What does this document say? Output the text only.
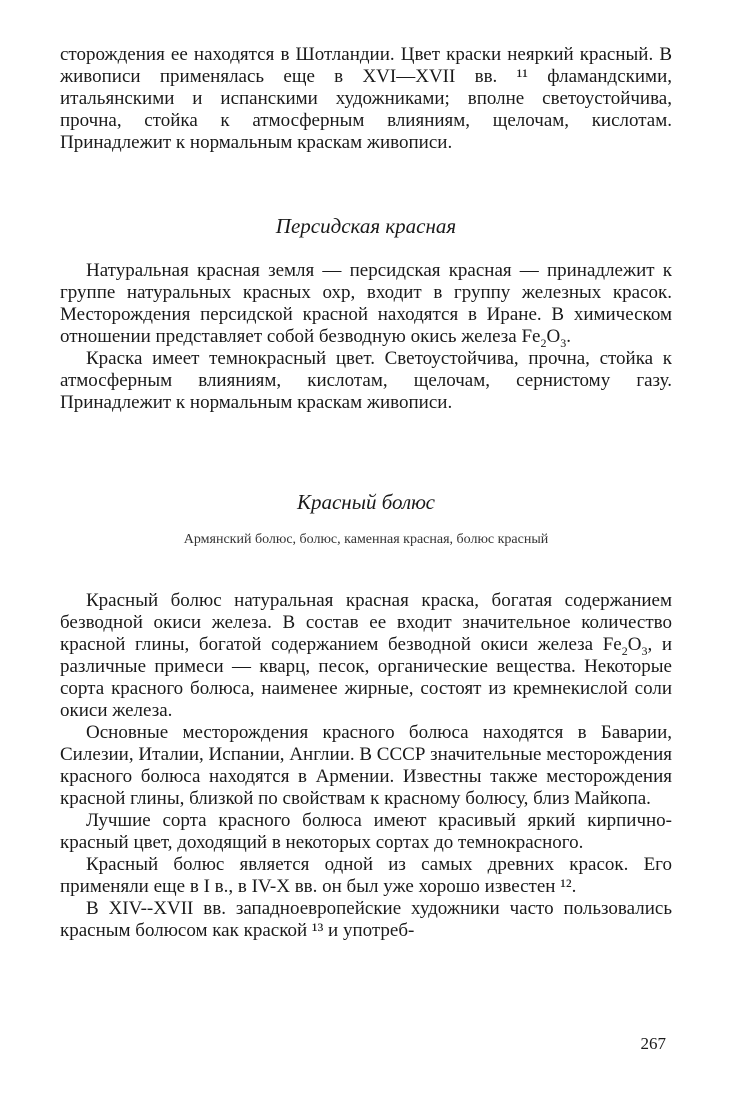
сторождения ее находятся в Шотландии. Цвет краски неяркий красный. В живописи применялась еще в XVI—XVII вв. ¹¹ фламандскими, итальянскими и испанскими художниками; вполне светоустойчива, прочна, стойка к атмосферным влияниям, щелочам, кислотам. Принадлежит к нормальным краскам живописи.

Персидская красная

Натуральная красная земля — персидская красная — принадлежит к группе натуральных красных охр, входит в группу железных красок. Месторождения персидской красной находятся в Иране. В химическом отношении представляет собой безводную окись железа $Fe_2O_3$.

Краска имеет темнокрасный цвет. Светоустойчива, прочна, стойка к атмосферным влияниям, кислотам, щелочам, сернистому газу. Принадлежит к нормальным краскам живописи.

Красный болюс
Армянский болюс, болюс, каменная красная, болюс красный

Красный болюс натуральная красная краска, богатая содержанием безводной окиси железа. В состав ее входит значительное количество красной глины, богатой содержанием безводной окиси железа $Fe_2O_3$, и различные примеси — кварц, песок, органические вещества. Некоторые сорта красного болюса, наименее жирные, состоят из кремнекислой соли окиси железа.

Основные месторождения красного болюса находятся в Баварии, Силезии, Италии, Испании, Англии. В СССР значительные месторождения красного болюса находятся в Армении. Известны также месторождения красной глины, близкой по свойствам к красному болюсу, близ Майкопа.

Лучшие сорта красного болюса имеют красивый яркий кирпично-красный цвет, доходящий в некоторых сортах до темнокрасного.

Красный болюс является одной из самых древних красок. Его применяли еще в I в., в IV-X вв. он был уже хорошо известен ¹².

В XIV--XVII вв. западноевропейские художники часто пользовались красным болюсом как краской ¹³ и употреб-

267
